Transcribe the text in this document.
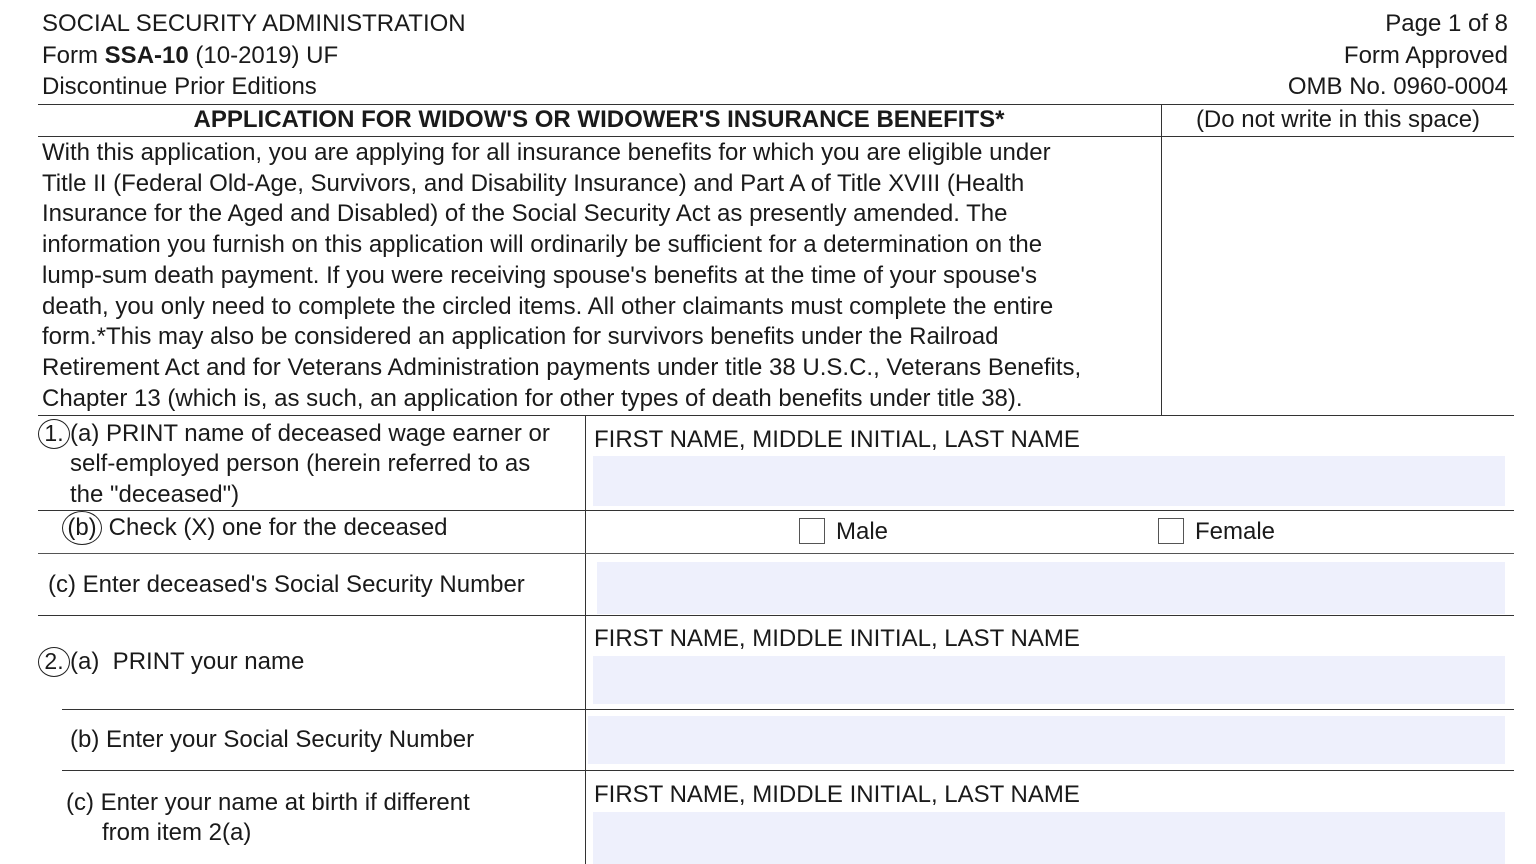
SOCIAL SECURITY ADMINISTRATION
Form SSA-10 (10-2019) UF
Discontinue Prior Editions
Page 1 of 8
Form Approved
OMB No. 0960-0004
APPLICATION FOR WIDOW'S OR WIDOWER'S INSURANCE BENEFITS*	(Do not write in this space)
With this application, you are applying for all insurance benefits for which you are eligible under
Title II (Federal Old-Age, Survivors, and Disability Insurance) and Part A of Title XVIII (Health
Insurance for the Aged and Disabled) of the Social Security Act as presently amended. The
information you furnish on this application will ordinarily be sufficient for a determination on the
lump-sum death payment. If you were receiving spouse's benefits at the time of your spouse's
death, you only need to complete the circled items. All other claimants must complete the entire
form.*This may also be considered an application for survivors benefits under the Railroad
Retirement Act and for Veterans Administration payments under title 38 U.S.C., Veterans Benefits,
Chapter 13 (which is, as such, an application for other types of death benefits under title 38).
1. (a) PRINT name of deceased wage earner or
self-employed person (herein referred to as
the "deceased")
FIRST NAME, MIDDLE INITIAL, LAST NAME
(b) Check (X) one for the deceased	Male	Female
(c) Enter deceased's Social Security Number
2. (a)  PRINT your name
FIRST NAME, MIDDLE INITIAL, LAST NAME
(b) Enter your Social Security Number
(c) Enter your name at birth if different
from item 2(a)
FIRST NAME, MIDDLE INITIAL, LAST NAME
